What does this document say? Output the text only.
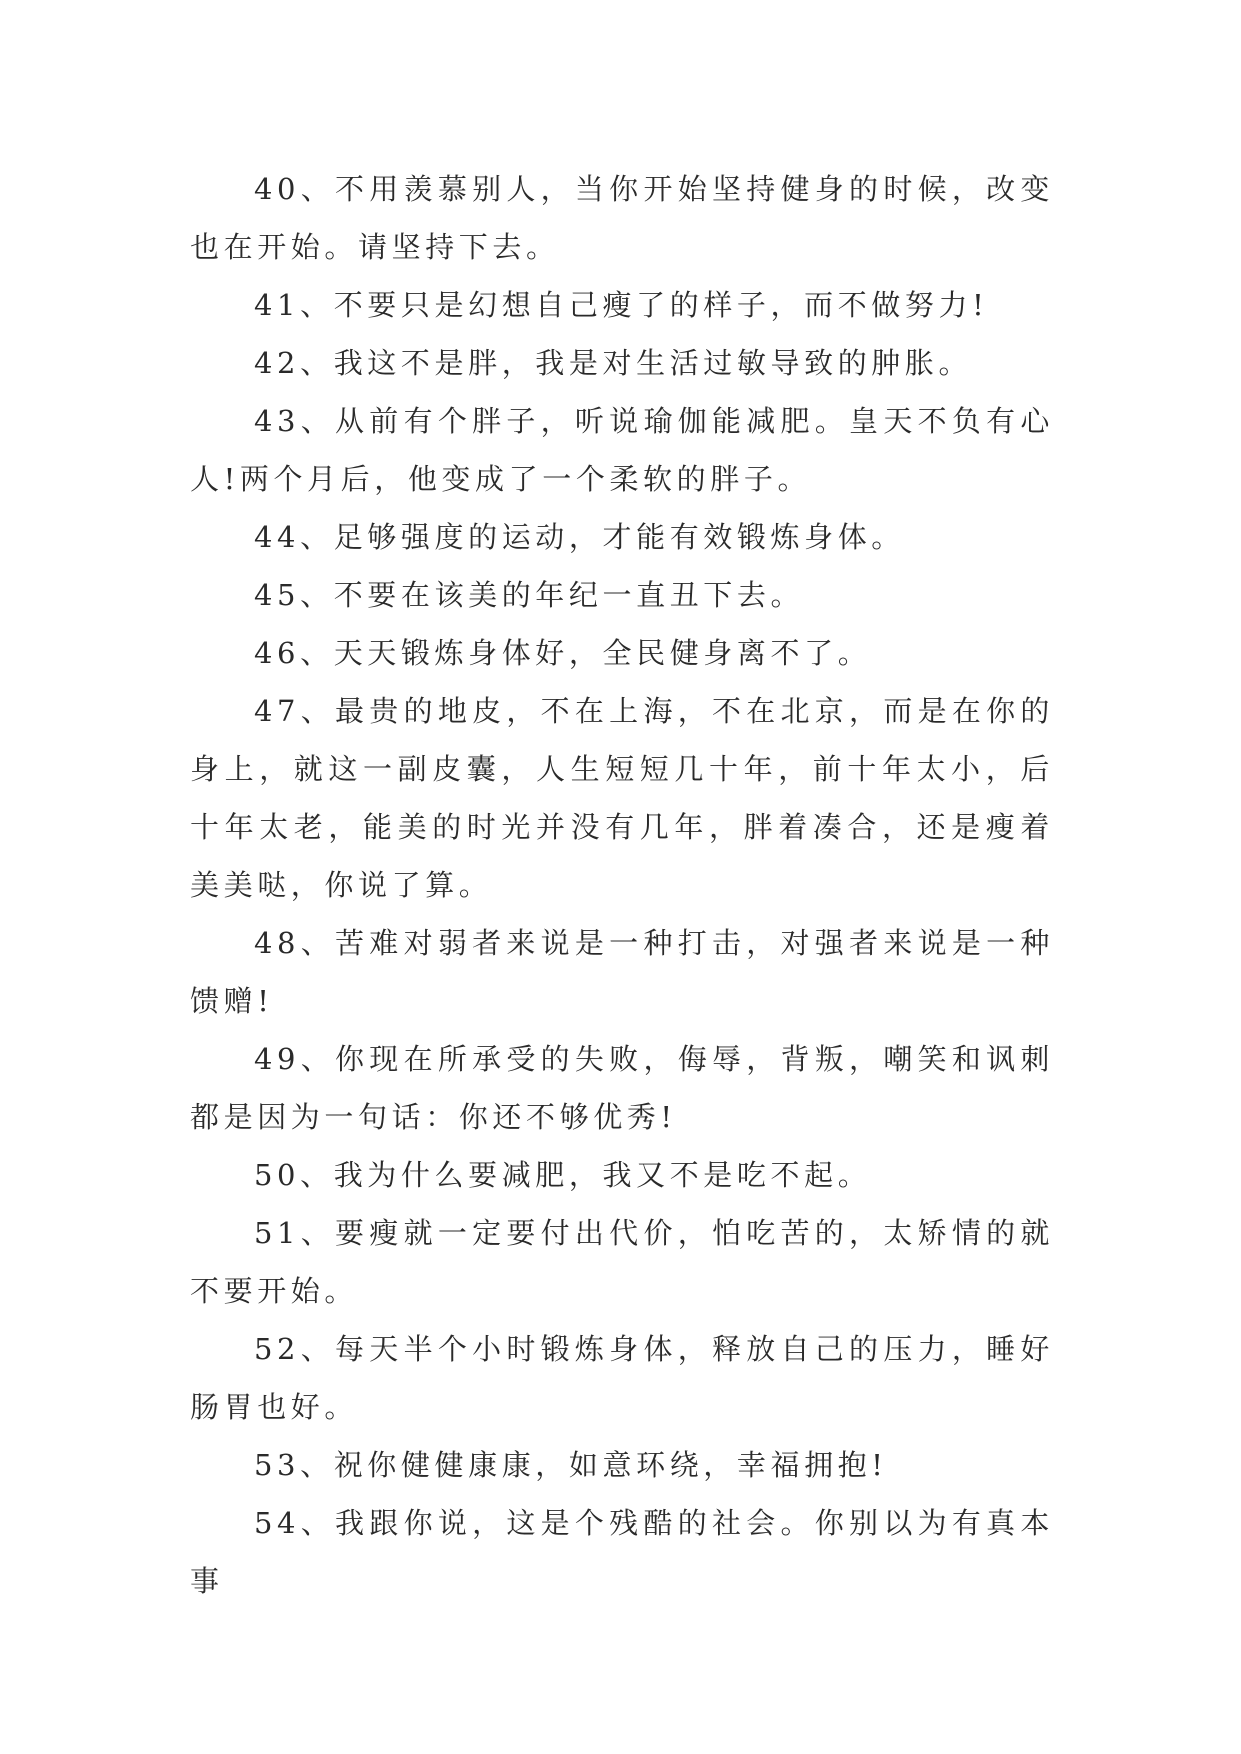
40、不用羡慕别人，当你开始坚持健身的时候，改变也在开始。请坚持下去。

41、不要只是幻想自己瘦了的样子，而不做努力!

42、我这不是胖，我是对生活过敏导致的肿胀。

43、从前有个胖子，听说瑜伽能减肥。皇天不负有心人!两个月后，他变成了一个柔软的胖子。

44、足够强度的运动，才能有效锻炼身体。

45、不要在该美的年纪一直丑下去。

46、天天锻炼身体好，全民健身离不了。

47、最贵的地皮，不在上海，不在北京，而是在你的身上，就这一副皮囊，人生短短几十年，前十年太小，后十年太老，能美的时光并没有几年，胖着凑合，还是瘦着美美哒，你说了算。

48、苦难对弱者来说是一种打击，对强者来说是一种馈赠!

49、你现在所承受的失败，侮辱，背叛，嘲笑和讽刺都是因为一句话：你还不够优秀!

50、我为什么要减肥，我又不是吃不起。

51、要瘦就一定要付出代价，怕吃苦的，太矫情的就不要开始。

52、每天半个小时锻炼身体，释放自己的压力，睡好肠胃也好。

53、祝你健健康康，如意环绕，幸福拥抱!

54、我跟你说，这是个残酷的社会。你别以为有真本事
